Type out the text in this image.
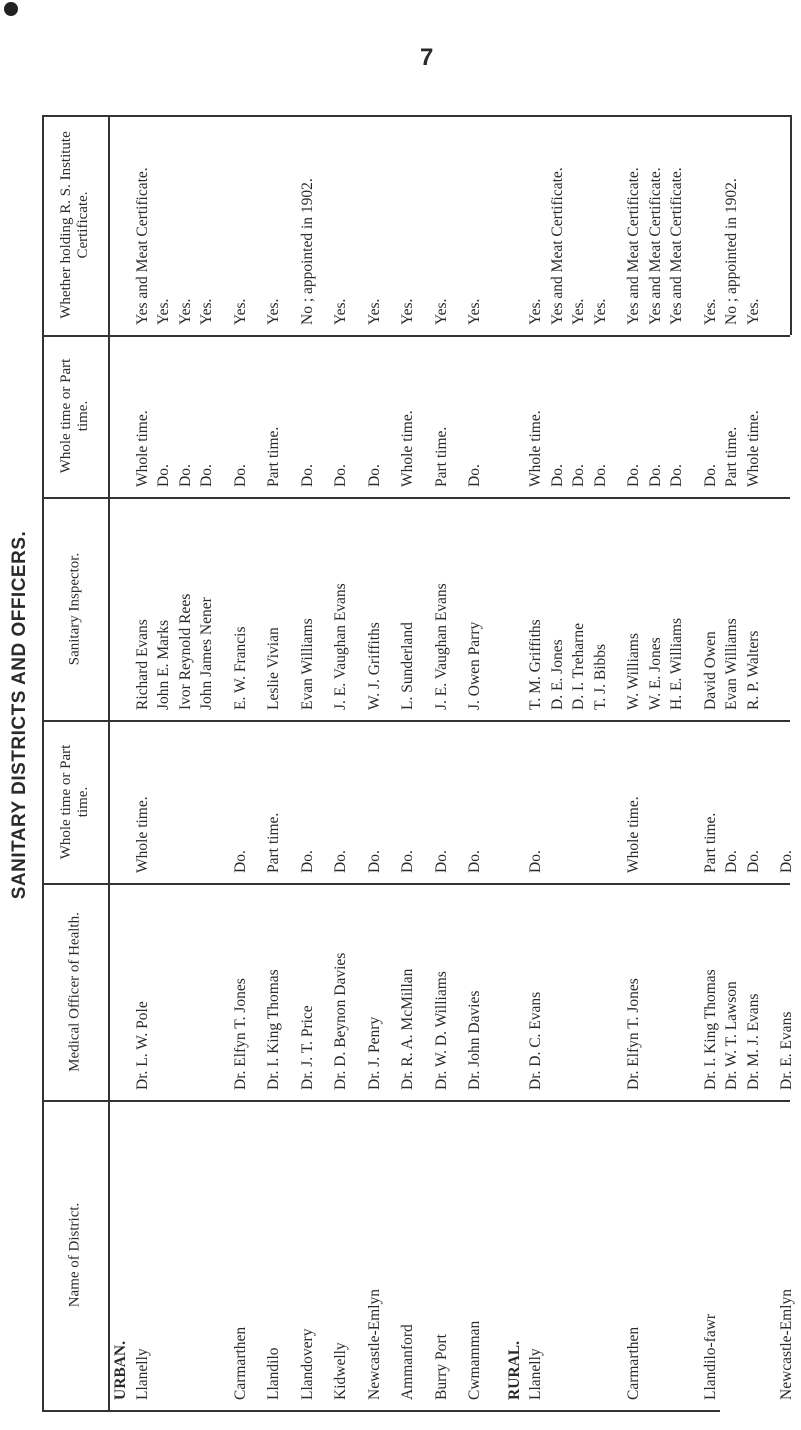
SANITARY DISTRICTS AND OFFICERS.
7
Whether holding R. S. Institute Certificate.
Whole time or Part time.
Sanitary Inspector.
Whole time or Part time.
Medical Officer of Health.
Name of District.
URBAN. Llanelly
Dr. L. W. Pole
Whole time.
Richard Evans John E. Marks Ivor Reynold Rees John James Nener
Whole time. Do. Do. Do.
Yes and Meat Certificate. Yes. Yes. Yes.
Carmarthen
Dr. Elfyn T. Jones
Do.
E. W. Francis
Do.
Yes.
Llandilo
Dr. I. King Thomas
Part time.
Leslie Vivian
Part time.
Yes.
Llandovery
Dr. J. T. Price
Do.
Evan Williams
Do.
No ; appointed in 1902.
Kidwelly
Dr. D. Beynon Davies
Do.
J. E. Vaughan Evans
Do.
Yes.
Newcastle-Emlyn
Dr. J. Penry
Do.
W. J. Griffiths
Do.
Yes.
Ammanford
Dr. R. A. McMillan
Do.
L. Sunderland
Whole time.
Yes.
Burry Port
Dr. W. D. Williams
Do.
J. E. Vaughan Evans
Part time.
Yes.
Cwmamman
Dr. John Davies
Do.
J. Owen Parry
Do.
Yes.
RURAL. Llanelly
Dr. D. C. Evans
Do.
T. M. Griffiths D. E. Jones D. I. Treharne T. J. Bibbs
Whole time. Do. Do. Do.
Yes. Yes and Meat Certificate. Yes. Yes.
Carmarthen
Dr. Elfyn T. Jones
Whole time.
W. Williams W. E. Jones H. E. Williams
Do. Do. Do.
Yes and Meat Certificate. Yes and Meat Certificate. Yes and Meat Certificate.
Llandilo-fawr
Dr. I. King Thomas Dr. W. T. Lawson Dr. M. J. Evans
Part time. Do. Do.
David Owen Evan Williams R. P. Walters
Do. Part time. Whole time.
Yes. No ; appointed in 1902. Yes.
Newcastle-Emlyn
Dr. E. Evans
Do.
